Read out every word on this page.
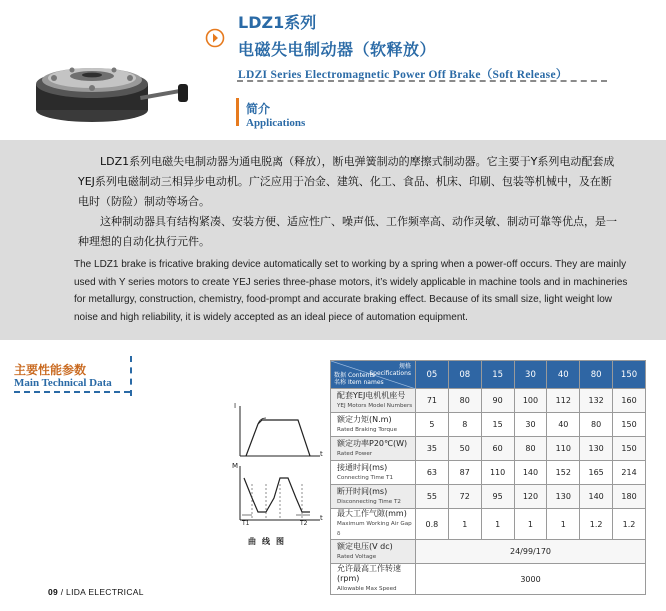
LDZ1系列
电磁失电制动器（软释放）
LDZI Series Electromagnetic Power Off Brake（Soft Release）
简介
Applications

LDZ1系列电磁失电制动器为通电脱离（释放），断电弹簧制动的摩擦式制动器。它主要于Y系列电动配套成YEJ系列电磁制动三相异步电动机。广泛应用于冶金、建筑、化工、食品、机床、印刷、包装等机械中，及在断电时（防险）制动等场合。

这种制动器具有结构紧凑、安装方便、适应性广、噪声低、工作频率高、动作灵敏、制动可靠等优点，是一种理想的自动化执行元件。

The LDZ1 brake is fricative braking device automatically set to working by a spring when a power-off occurs. They are mainly used with Y series motors to create YEJ series three-phase motors, it’s widely applicable in machine tools and in machineries for metallurgy, construction, chemistry, food-prompt and accurate braking effect. Because of its small size, light weight low noise and high reliability, it is widely accepted as an ideal piece of automation equipment.
主要性能参数
Main Technical Data
I
t
M
t
T1	T2
曲线图
规格
Specifications
数据 Contents
名称 Item names	05	08	15	30	40	80	150

配套YEJ电机机座号
YEJ Motors Model Numbers	71	80	90	100	112	132	160

额定力矩(N.m)
Rated Braking Torque	5	8	15	30	40	80	150

额定功率P20℃(W)
Rated Power	35	50	60	80	110	130	150

接通时间(ms)
Connecting Time T1	63	87	110	140	152	165	214

断开时间(ms)
Disconnecting Time T2	55	72	95	120	130	140	180

最大工作气隙(mm)
Maximum Working Air Gap δ	0.8	1	1	1	1	1.2	1.2

额定电压(V dc)
Rated Voltage	24/99/170						

允许最高工作转速(rpm)
Allowable Max Speed	3000						
09 / LIDA ELECTRICAL
